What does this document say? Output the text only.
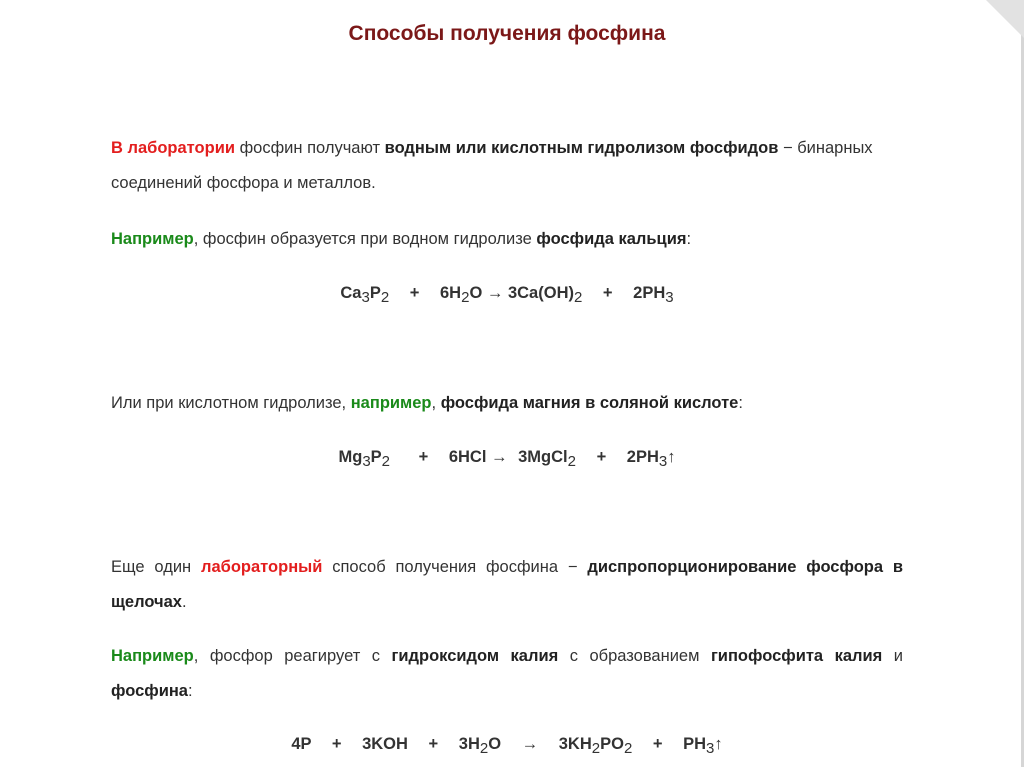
Способы получения фосфина

В лаборатории фосфин получают водным или кислотным гидролизом фосфидов − бинарных соединений фосфора и металлов.

Например, фосфин образуется при водном гидролизе фосфида кальция:

$Ca_3P_2 + 6H_2O \to 3Ca(OH)_2 + 2PH_3$

Или при кислотном гидролизе, например, фосфида магния в соляной кислоте:

$Mg_3P_2 + 6HCl$ → 3MgCl$_2$ + $2PH_3↑$

Еще один лабораторный способ получения фосфина − диспропорционирование фосфора в щелочах.

Например, фосфор реагирует с гидроксидом калия с образованием гипофосфита калия и фосфина:

$4P + 3KOH + 3H_2O \to 3KH_2PO_2$ + $PH_3↑$
